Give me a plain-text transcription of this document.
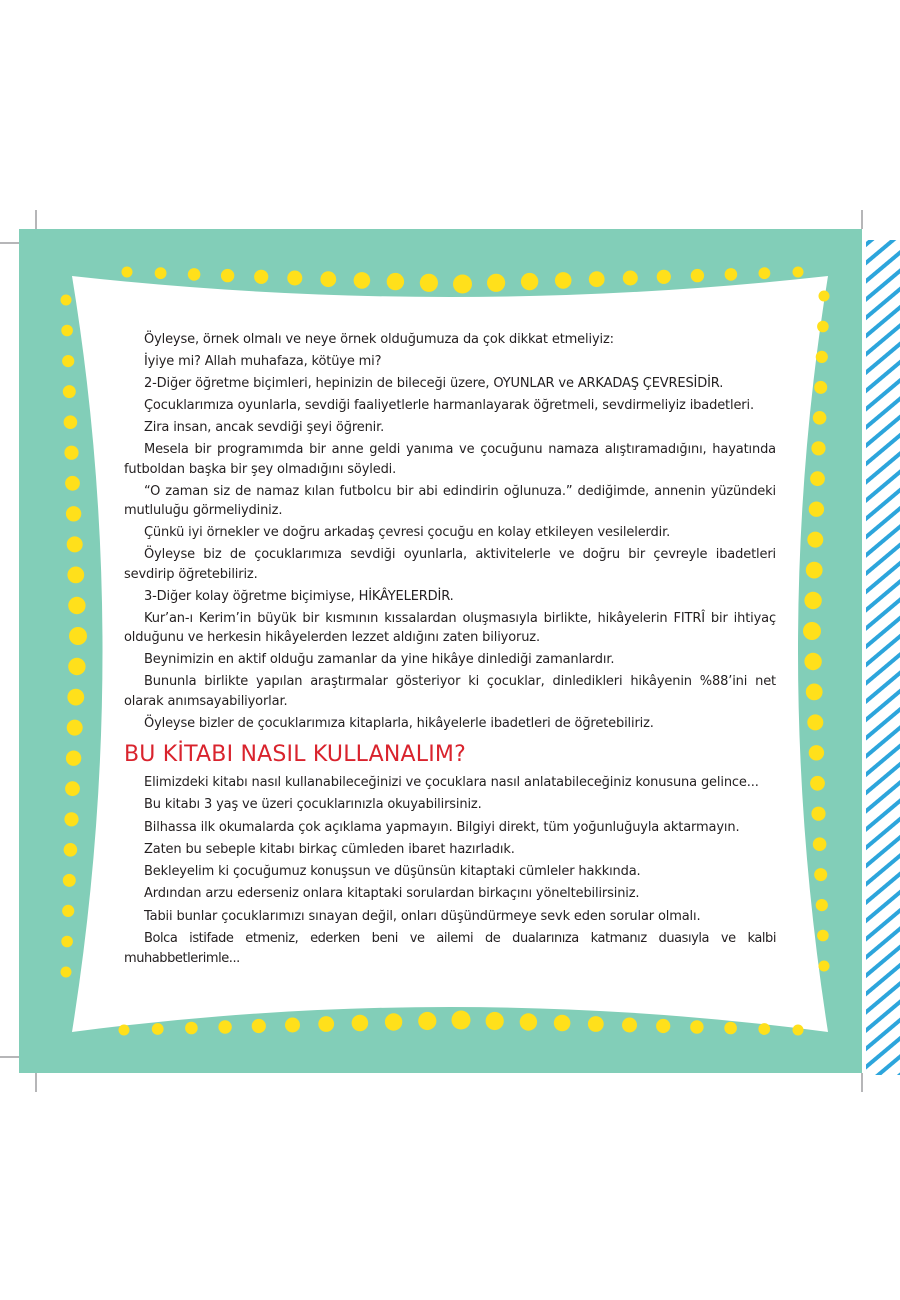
Öyleyse, örnek olmalı ve neye örnek olduğumuza da çok dikkat etmeliyiz:

İyiye mi? Allah muhafaza, kötüye mi?

2-Diğer öğretme biçimleri, hepinizin de bileceği üzere, OYUNLAR ve ARKADAŞ ÇEVRESİDİR.

Çocuklarımıza oyunlarla, sevdiği faaliyetlerle harmanlayarak öğretmeli, sevdirmeliyiz ibadetleri.

Zira insan, ancak sevdiği şeyi öğrenir.

Mesela bir programımda bir anne geldi yanıma ve çocuğunu namaza alıştıramadığını, hayatında futboldan başka bir şey olmadığını söyledi.

“O zaman siz de namaz kılan futbolcu bir abi edindirin oğlunuza.” dediğimde, annenin yüzündeki mutluluğu görmeliydiniz.

Çünkü iyi örnekler ve doğru arkadaş çevresi çocuğu en kolay etkileyen vesilelerdir.

Öyleyse biz de çocuklarımıza sevdiği oyunlarla, aktivitelerle ve doğru bir çevreyle ibadetleri sevdirip öğretebiliriz.

3-Diğer kolay öğretme biçimiyse, HİKÂYELERDİR.

Kur’an-ı Kerim’in büyük bir kısmının kıssalardan oluşmasıyla birlikte, hikâyelerin FITRÎ bir ihtiyaç olduğunu ve herkesin hikâyelerden lezzet aldığını zaten biliyoruz.

Beynimizin en aktif olduğu zamanlar da yine hikâye dinlediği zamanlardır.

Bununla birlikte yapılan araştırmalar gösteriyor ki çocuklar, dinledikleri hikâyenin %88’ini net olarak anımsayabiliyorlar.

Öyleyse bizler de çocuklarımıza kitaplarla, hikâyelerle ibadetleri de öğretebiliriz.

BU KİTABI NASIL KULLANALIM?

Elimizdeki kitabı nasıl kullanabileceğinizi ve çocuklara nasıl anlatabileceğiniz konusuna gelince...

Bu kitabı 3 yaş ve üzeri çocuklarınızla okuyabilirsiniz.

Bilhassa ilk okumalarda çok açıklama yapmayın. Bilgiyi direkt, tüm yoğunluğuyla aktarmayın.

Zaten bu sebeple kitabı birkaç cümleden ibaret hazırladık.

Bekleyelim ki çocuğumuz konuşsun ve düşünsün kitaptaki cümleler hakkında.

Ardından arzu ederseniz onlara kitaptaki sorulardan birkaçını yöneltebilirsiniz.

Tabii bunlar çocuklarımızı sınayan değil, onları düşündürmeye sevk eden sorular olmalı.

Bolca istifade etmeniz, ederken beni ve ailemi de dualarınıza katmanız duasıyla ve kalbi muhabbetlerimle...
